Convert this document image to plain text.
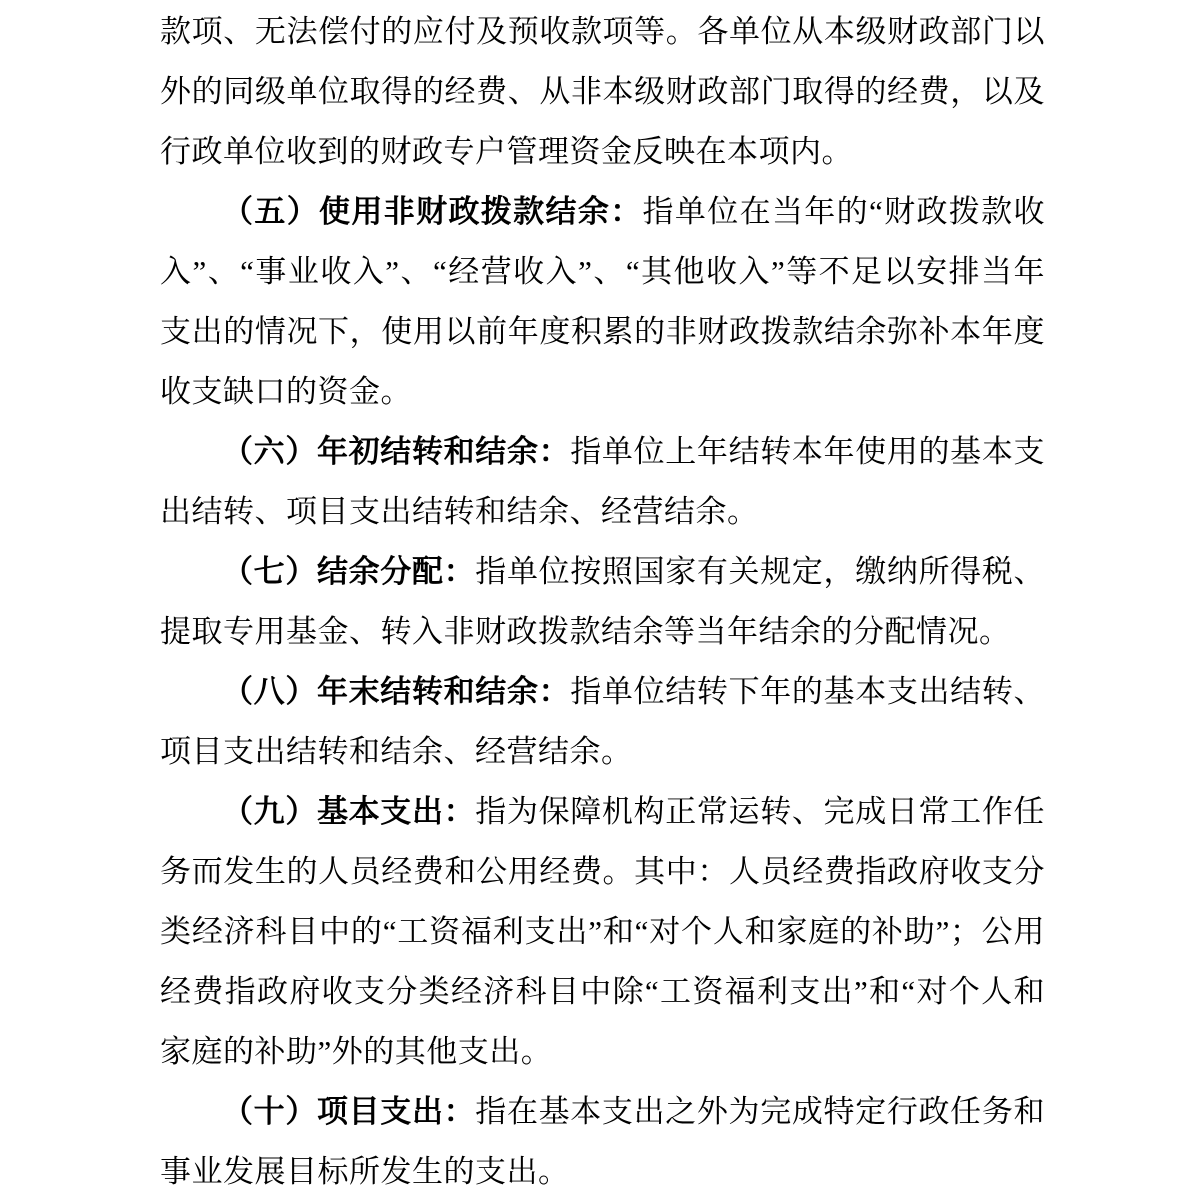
款项、无法偿付的应付及预收款项等。各单位从本级财政部门以外的同级单位取得的经费、从非本级财政部门取得的经费，以及行政单位收到的财政专户管理资金反映在本项内。

（五）使用非财政拨款结余：指单位在当年的“财政拨款收入”、“事业收入”、“经营收入”、“其他收入”等不足以安排当年支出的情况下，使用以前年度积累的非财政拨款结余弥补本年度收支缺口的资金。

（六）年初结转和结余：指单位上年结转本年使用的基本支出结转、项目支出结转和结余、经营结余。

（七）结余分配：指单位按照国家有关规定，缴纳所得税、提取专用基金、转入非财政拨款结余等当年结余的分配情况。

（八）年末结转和结余：指单位结转下年的基本支出结转、项目支出结转和结余、经营结余。

（九）基本支出：指为保障机构正常运转、完成日常工作任务而发生的人员经费和公用经费。其中：人员经费指政府收支分类经济科目中的“工资福利支出”和“对个人和家庭的补助”；公用经费指政府收支分类经济科目中除“工资福利支出”和“对个人和家庭的补助”外的其他支出。

（十）项目支出：指在基本支出之外为完成特定行政任务和事业发展目标所发生的支出。
